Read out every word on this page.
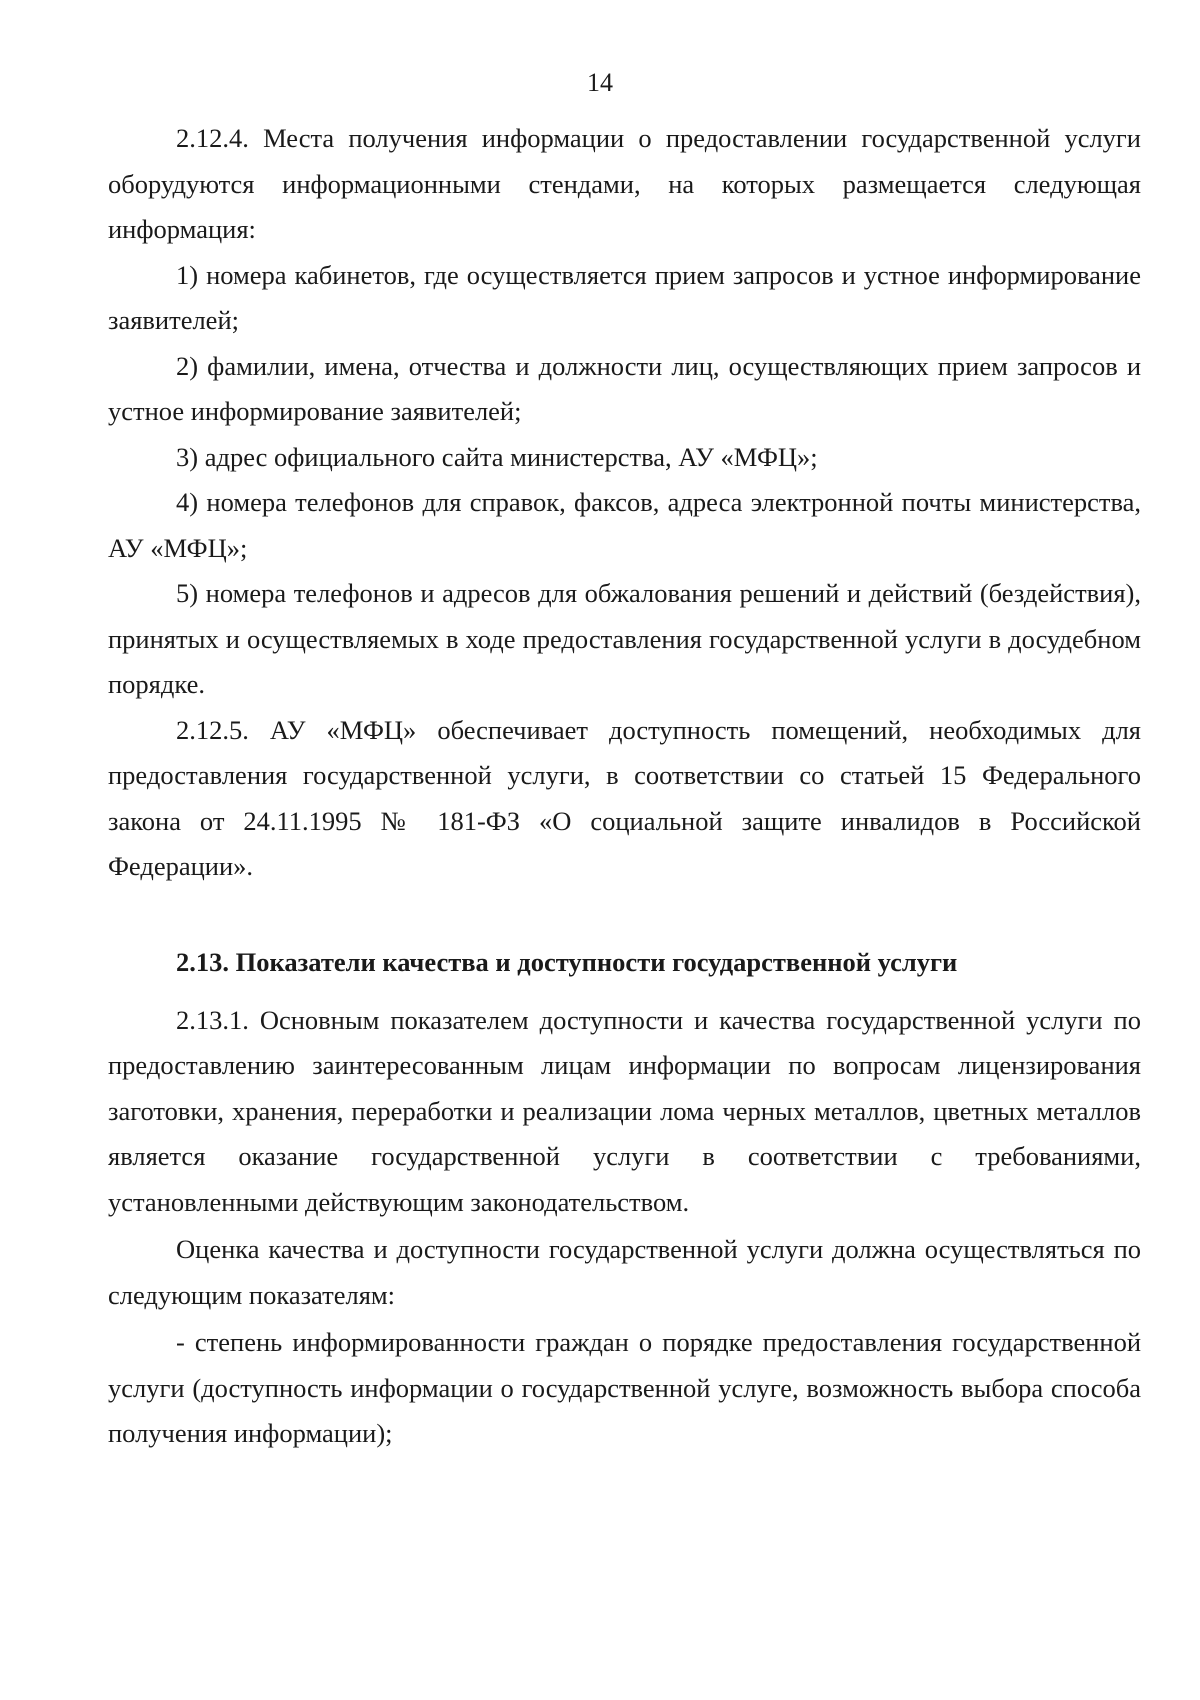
14

2.12.4. Места получения информации о предоставлении государственной услуги оборудуются информационными стендами, на которых размещается следующая информация:

1) номера кабинетов, где осуществляется прием запросов и устное информирование заявителей;

2) фамилии, имена, отчества и должности лиц, осуществляющих прием запросов и устное информирование заявителей;

3) адрес официального сайта министерства, АУ «МФЦ»;

4) номера телефонов для справок, факсов, адреса электронной почты министерства, АУ «МФЦ»;

5) номера телефонов и адресов для обжалования решений и действий (бездействия), принятых и осуществляемых в ходе предоставления государственной услуги в досудебном порядке.

2.12.5. АУ «МФЦ» обеспечивает доступность помещений, необходимых для предоставления государственной услуги, в соответствии со статьей 15 Федерального закона от 24.11.1995 № 181-ФЗ «О социальной защите инвалидов в Российской Федерации».

2.13. Показатели качества и доступности государственной услуги

2.13.1. Основным показателем доступности и качества государственной услуги по предоставлению заинтересованным лицам информации по вопросам лицензирования заготовки, хранения, переработки и реализации лома черных металлов, цветных металлов является оказание государственной услуги в соответствии с требованиями, установленными действующим законодательством.

Оценка качества и доступности государственной услуги должна осуществляться по следующим показателям:

- степень информированности граждан о порядке предоставления государственной услуги (доступность информации о государственной услуге, возможность выбора способа получения информации);
